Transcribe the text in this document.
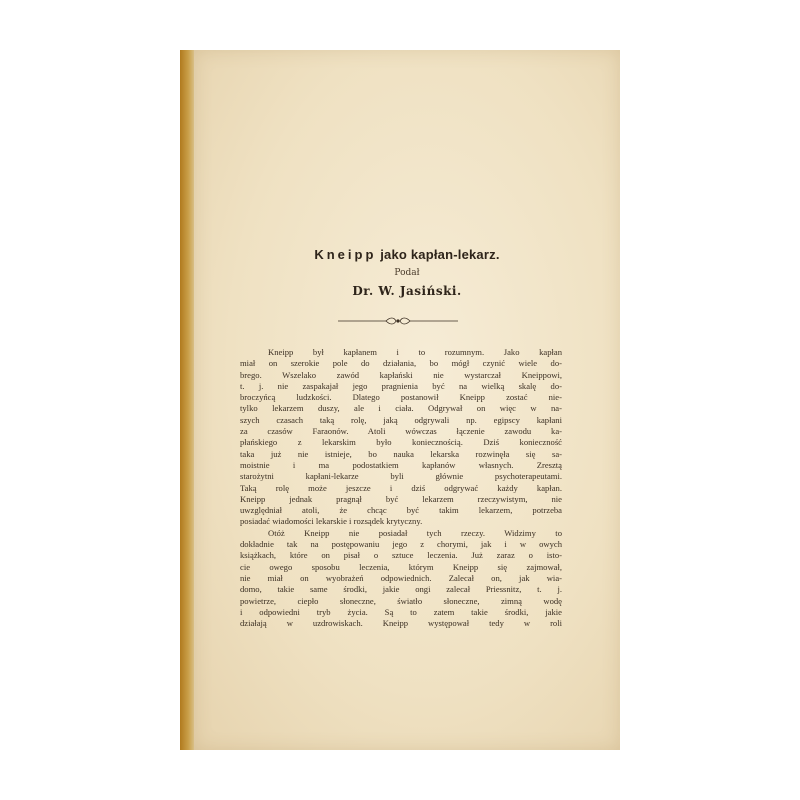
Kneipp jako kapłan-lekarz.
Podał
Dr. W. Jasiński.
Kneipp był kapłanem i to rozumnym. Jako kapłan
miał on szerokie pole do działania, bo mógł czynić wiele do-
brego. Wszelako zawód kapłański nie wystarczał Kneippowi,
t. j. nie zaspakajał jego pragnienia być na wielką skalę do-
broczyńcą ludzkości. Dlatego postanowił Kneipp zostać nie-
tylko lekarzem duszy, ale i ciała. Odgrywał on więc w na-
szych czasach taką rolę, jaką odgrywali np. egipscy kapłani
za czasów Faraonów. Atoli wówczas łączenie zawodu ka-
płańskiego z lekarskim było koniecznością. Dziś konieczność
taka już nie istnieje, bo nauka lekarska rozwinęła się sa-
moistnie i ma podostatkiem kapłanów własnych. Zresztą
starożytni kapłani-lekarze byli głównie psychoterapeutami.
Taką rolę może jeszcze i dziś odgrywać każdy kapłan.
Kneipp jednak pragnął być lekarzem rzeczywistym, nie
uwzględniał atoli, że chcąc być takim lekarzem, potrzeba
posiadać wiadomości lekarskie i rozsądek krytyczny.
Otóż Kneipp nie posiadał tych rzeczy. Widzimy to
dokładnie tak na postępowaniu jego z chorymi, jak i w owych
książkach, które on pisał o sztuce leczenia. Już zaraz o isto-
cie owego sposobu leczenia, którym Kneipp się zajmował,
nie miał on wyobrażeń odpowiednich. Zalecał on, jak wia-
domo, takie same środki, jakie ongi zalecał Priessnitz, t. j.
powietrze, ciepło słoneczne, światło słoneczne, zimną wodę
i odpowiedni tryb życia. Są to zatem takie środki, jakie
działają w uzdrowiskach. Kneipp występował tedy w roli
